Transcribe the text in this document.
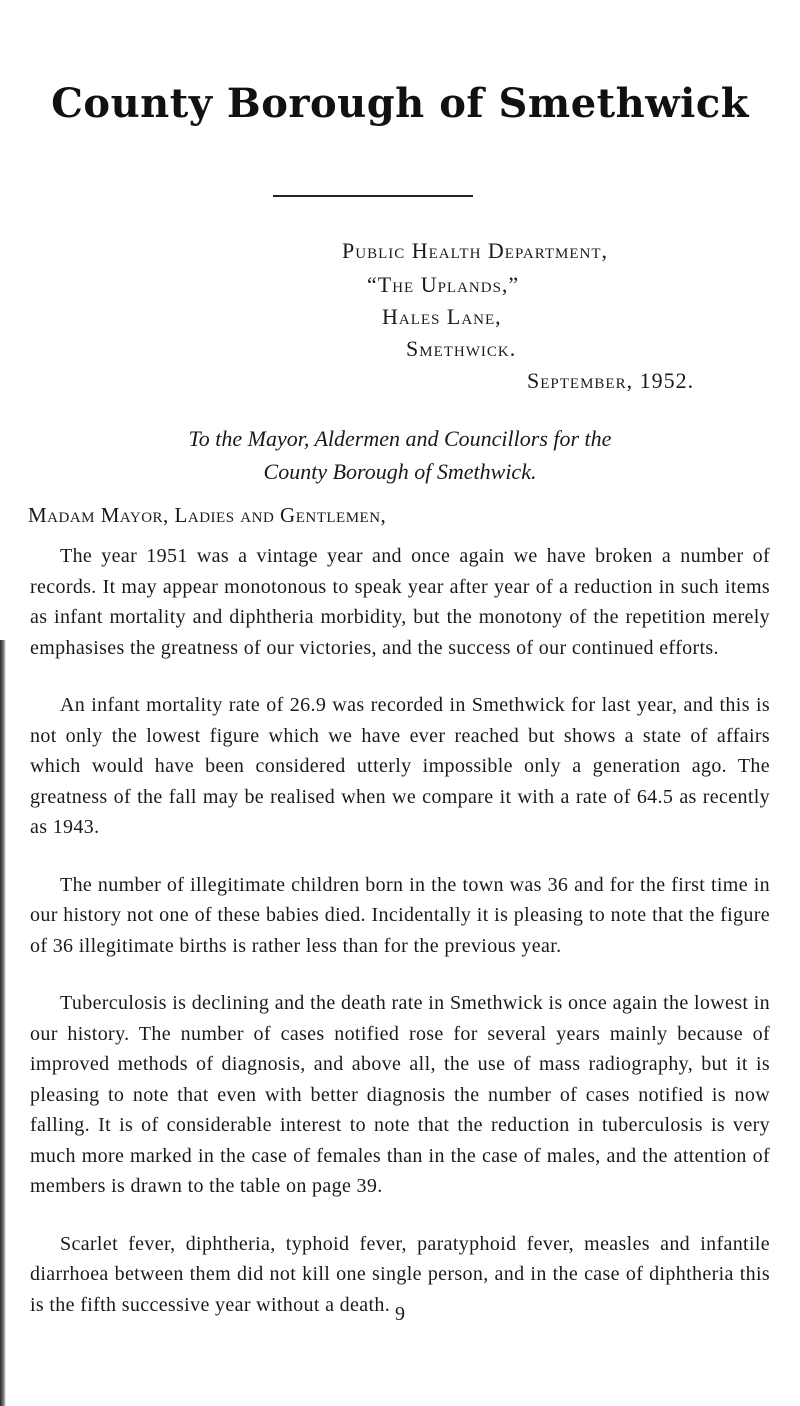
County Borough of Smethwick
Public Health Department,
“The Uplands,”
Hales Lane,
Smethwick.
September, 1952.
To the Mayor, Aldermen and Councillors for the
County Borough of Smethwick.
Madam Mayor, Ladies and Gentlemen,

The year 1951 was a vintage year and once again we have broken a number of records. It may appear monotonous to speak year after year of a reduction in such items as infant mortality and diphtheria morbidity, but the monotony of the repetition merely emphasises the greatness of our victories, and the success of our continued efforts.

An infant mortality rate of 26.9 was recorded in Smethwick for last year, and this is not only the lowest figure which we have ever reached but shows a state of affairs which would have been considered utterly impossible only a generation ago. The greatness of the fall may be realised when we compare it with a rate of 64.5 as recently as 1943.

The number of illegitimate children born in the town was 36 and for the first time in our history not one of these babies died. Incidentally it is pleasing to note that the figure of 36 illegitimate births is rather less than for the previous year.

Tuberculosis is declining and the death rate in Smethwick is once again the lowest in our history. The number of cases notified rose for several years mainly because of improved methods of diagnosis, and above all, the use of mass radiography, but it is pleasing to note that even with better diagnosis the number of cases notified is now falling. It is of considerable interest to note that the reduction in tuberculosis is very much more marked in the case of females than in the case of males, and the attention of members is drawn to the table on page 39.

Scarlet fever, diphtheria, typhoid fever, paratyphoid fever, measles and infantile diarrhoea between them did not kill one single person, and in the case of diphtheria this is the fifth successive year without a death. 9
